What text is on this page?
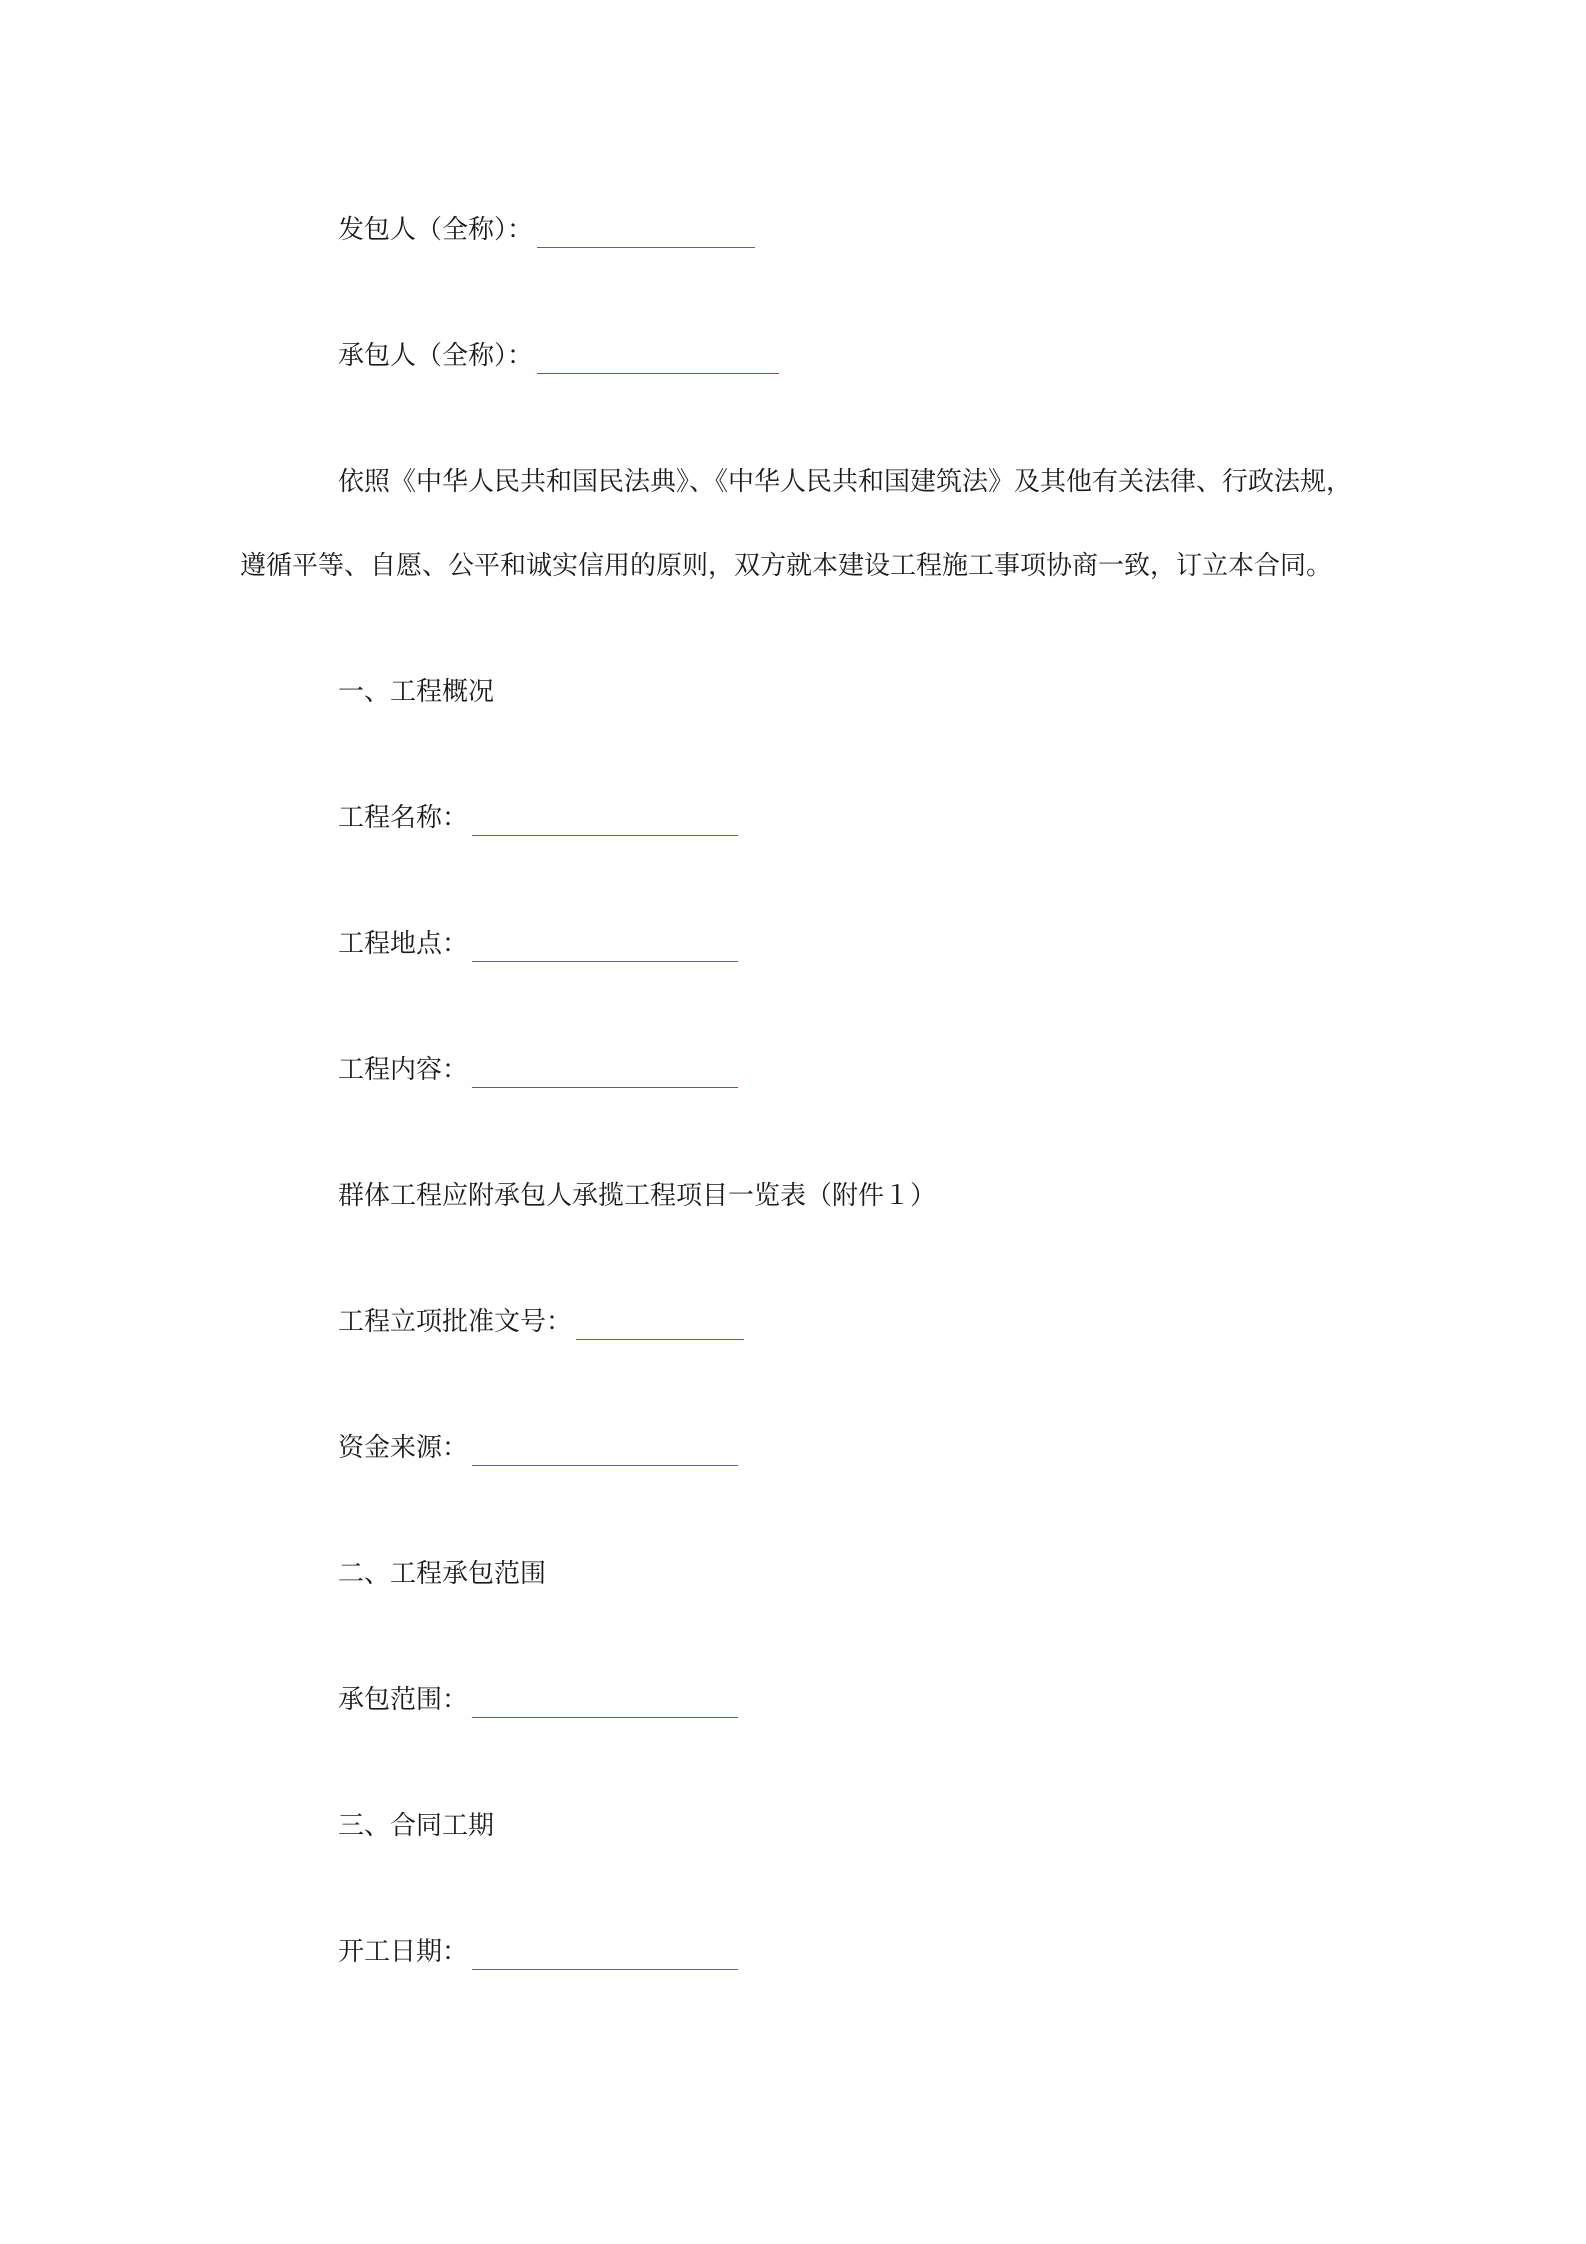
发包人（全称）：
承包人（全称）：
依照《中华人民共和国民法典》、《中华人民共和国建筑法》及其他有关法律、行政法规，遵循平等、自愿、公平和诚实信用的原则，双方就本建设工程施工事项协商一致，订立本合同。
一、工程概况
工程名称：
工程地点：
工程内容：
群体工程应附承包人承揽工程项目一览表（附件１）
工程立项批准文号：
资金来源：
二、工程承包范围
承包范围：
三、合同工期
开工日期：
